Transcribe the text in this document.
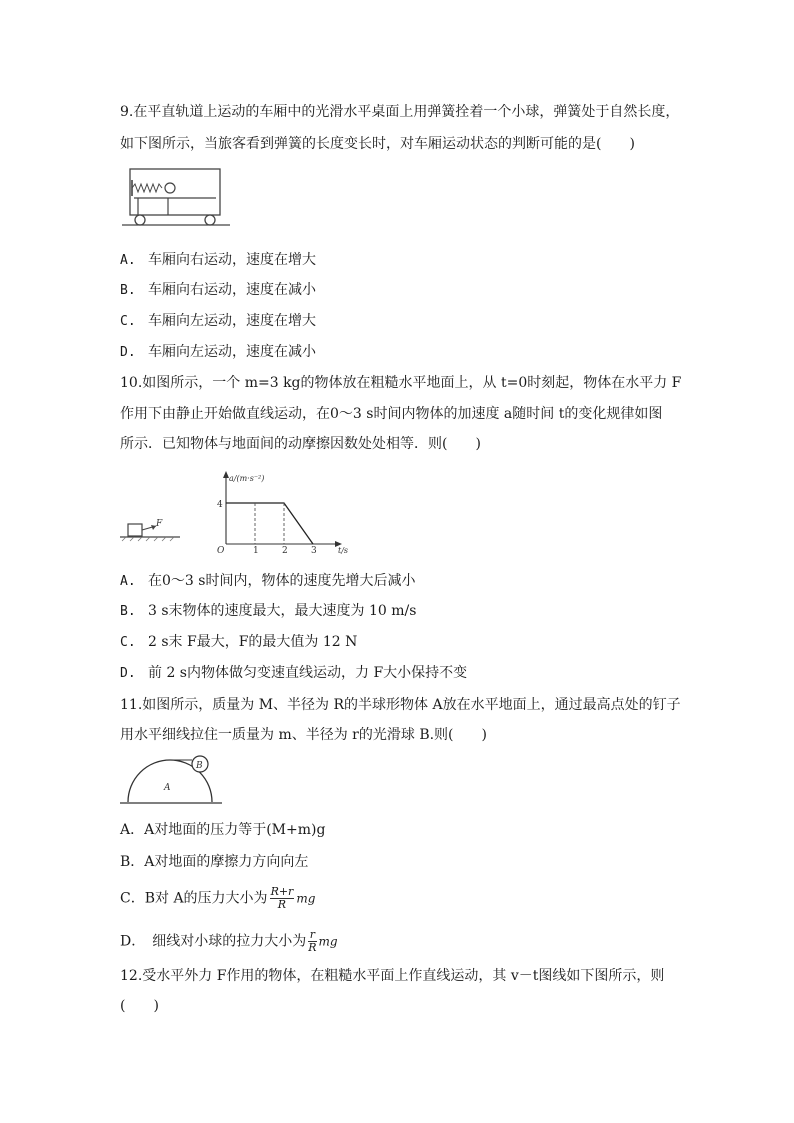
9.在平直轨道上运动的车厢中的光滑水平桌面上用弹簧拴着一个小球，弹簧处于自然长度，
如下图所示，当旅客看到弹簧的长度变长时，对车厢运动状态的判断可能的是(　　)
A. 车厢向右运动，速度在增大
B. 车厢向右运动，速度在减小
C. 车厢向左运动，速度在增大
D. 车厢向左运动，速度在减小
10.如图所示，一个 m=3 kg的物体放在粗糙水平地面上，从 t=0时刻起，物体在水平力 F
作用下由静止开始做直线运动，在0～3 s时间内物体的加速度 a随时间 t的变化规律如图
所示．已知物体与地面间的动摩擦因数处处相等．则(　　)
F
a/(m·s⁻²)
t/s
O
4
1	2	3
A. 在0～3 s时间内，物体的速度先增大后减小
B. 3 s末物体的速度最大，最大速度为 10 m/s
C. 2 s末 F最大，F的最大值为 12 N
D. 前 2 s内物体做匀变速直线运动，力 F大小保持不变
11.如图所示，质量为 M、半径为 R的半球形物体 A放在水平地面上，通过最高点处的钉子
用水平细线拉住一质量为 m、半径为 r的光滑球 B.则(　　)
B
A
A．A对地面的压力等于(M+m)g
B．A对地面的摩擦力方向向左
C．B对 A的压力大小为 $\frac{R+r}{R}$ mg
D．　细线对小球的拉力大小为 $\frac{r}{R}$ mg
12.受水平外力 F作用的物体，在粗糙水平面上作直线运动，其 v－t图线如下图所示，则
(　　)
